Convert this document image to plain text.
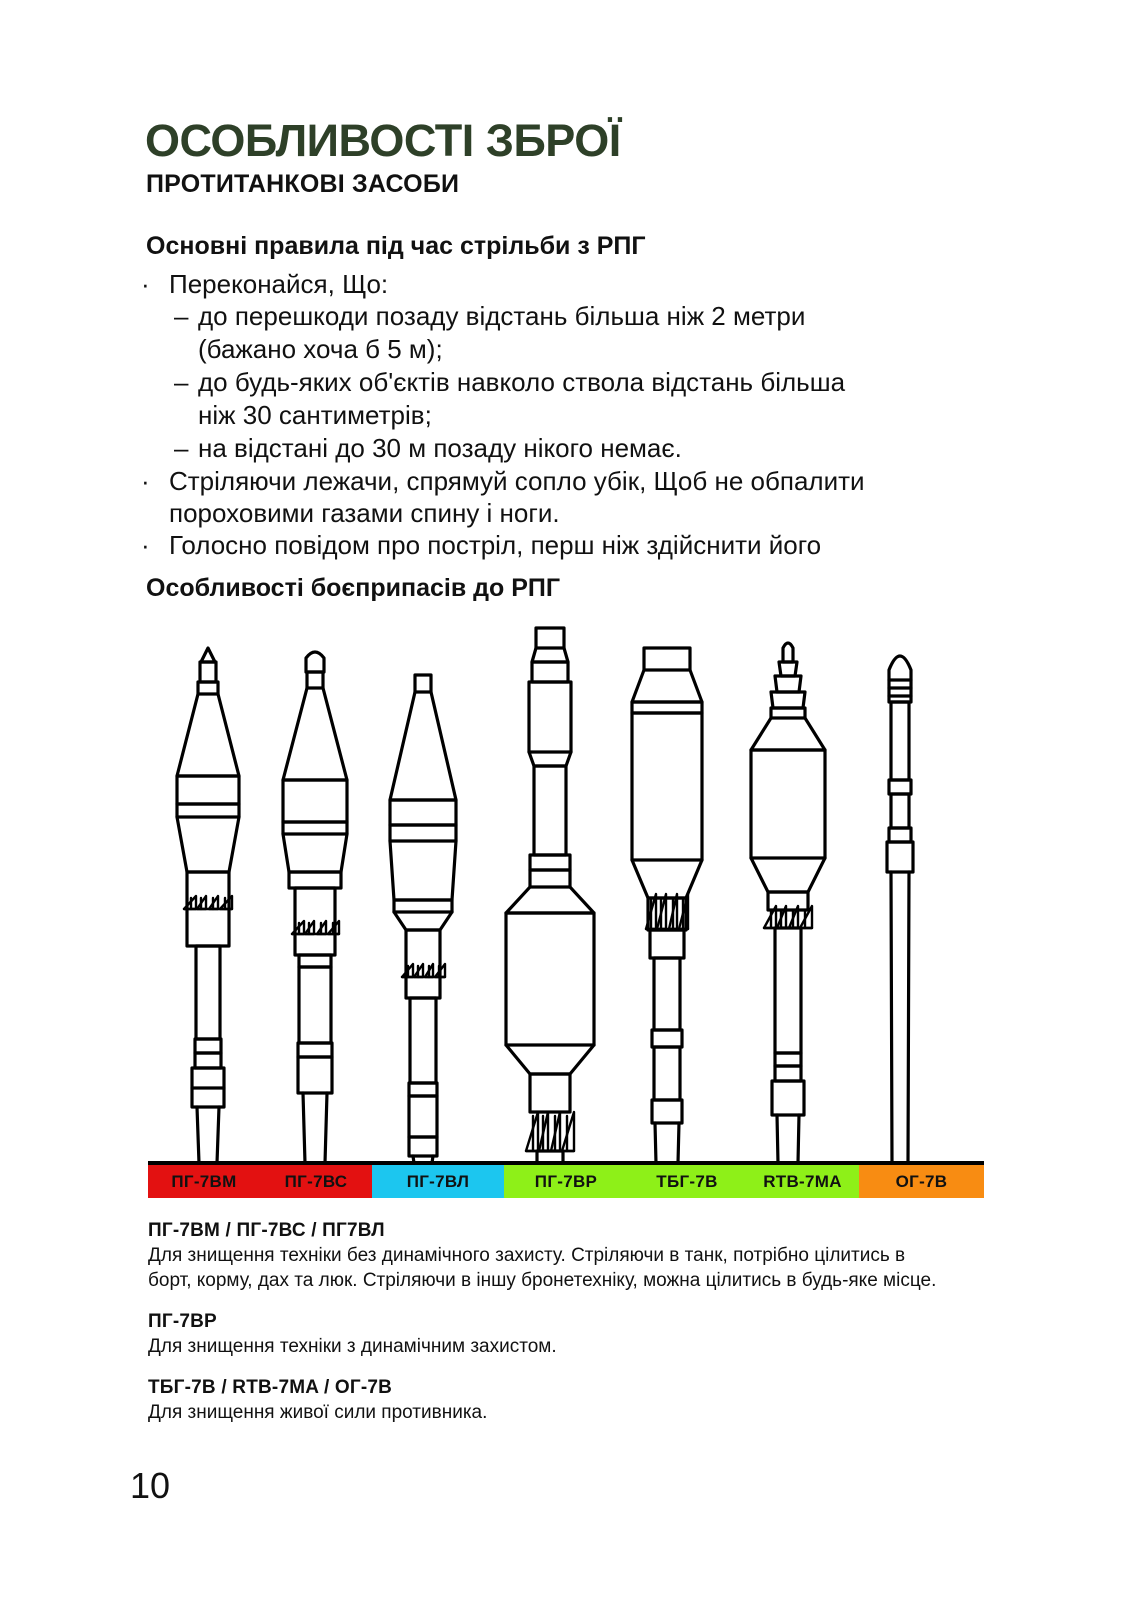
ОСОБЛИВОСТІ ЗБРОЇ
ПРОТИТАНКОВІ ЗАСОБИ
Основні правила під час стрільби з РПГ
· Переконайся, Що:
– до перешкоди позаду відстань більша ніж 2 метри
(бажано хоча б 5 м);
– до будь-яких об'єктів навколо ствола відстань більша
ніж 30 сантиметрів;
– на відстані до 30 м позаду нікого немає.
· Стріляючи лежачи, спрямуй сопло убік, Щоб не обпалити пороховими газами спину і ноги.
· Голосно повідом про постріл, перш ніж здійснити його
Особливості боєприпасів до РПГ
ПГ-7ВМ	ПГ-7ВС	ПГ-7ВЛ	ПГ-7ВР	ТБГ-7В	RTB-7MA	ОГ-7В
ПГ-7ВМ / ПГ-7ВС / ПГ7ВЛ
Для знищення техніки без динамічного захисту. Стріляючи в танк, потрібно цілитись в борт, корму, дах та люк. Стріляючи в іншу бронетехніку, можна цілитись в будь-яке місце.
ПГ-7ВР
Для знищення техніки з динамічним захистом.
ТБГ-7В / RTB-7MA / ОГ-7В
Для знищення живої сили противника.
10
